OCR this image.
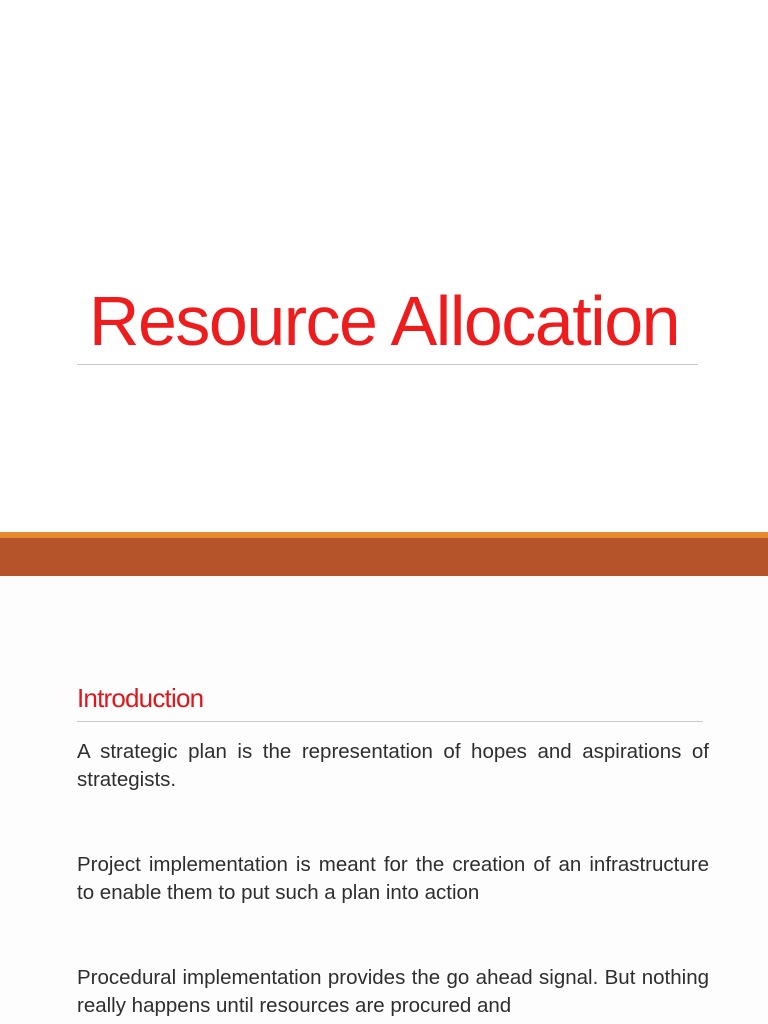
Resource Allocation
Introduction

A strategic plan is the representation of hopes and aspirations of strategists.

Project implementation is meant for the creation of an infrastructure to enable them to put such a plan into action

Procedural implementation provides the go ahead signal. But nothing really happens until resources are procured and
